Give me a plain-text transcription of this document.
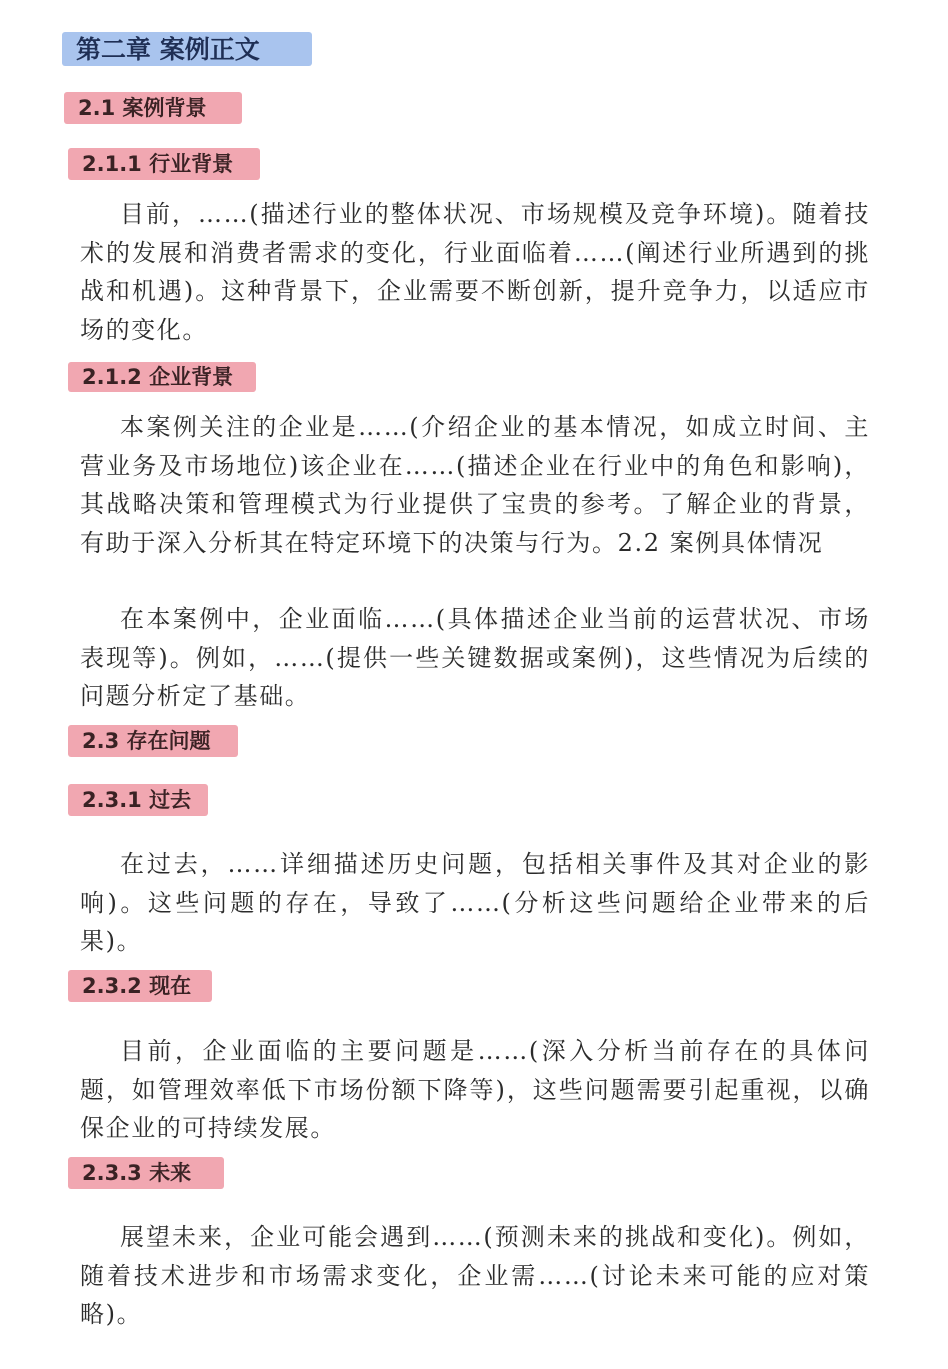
第二章 案例正文
2.1 案例背景
2.1.1 行业背景

目前，……(描述行业的整体状况、市场规模及竞争环境)。随着技术的发展和消费者需求的变化，行业面临着……(阐述行业所遇到的挑战和机遇)。这种背景下，企业需要不断创新，提升竞争力，以适应市场的变化。

2.1.2 企业背景

本案例关注的企业是……(介绍企业的基本情况，如成立时间、主营业务及市场地位)该企业在……(描述企业在行业中的角色和影响)，其战略决策和管理模式为行业提供了宝贵的参考。了解企业的背景，有助于深入分析其在特定环境下的决策与行为。2.2 案例具体情况

在本案例中，企业面临……(具体描述企业当前的运营状况、市场表现等)。例如，……(提供一些关键数据或案例)，这些情况为后续的问题分析定了基础。

2.3 存在问题
2.3.1 过去

在过去，……详细描述历史问题，包括相关事件及其对企业的影响)。这些问题的存在，导致了……(分析这些问题给企业带来的后果)。

2.3.2 现在

目前，企业面临的主要问题是……(深入分析当前存在的具体问题，如管理效率低下市场份额下降等)，这些问题需要引起重视，以确保企业的可持续发展。

2.3.3 未来

展望未来，企业可能会遇到……(预测未来的挑战和变化)。例如，随着技术进步和市场需求变化，企业需……(讨论未来可能的应对策略)。
